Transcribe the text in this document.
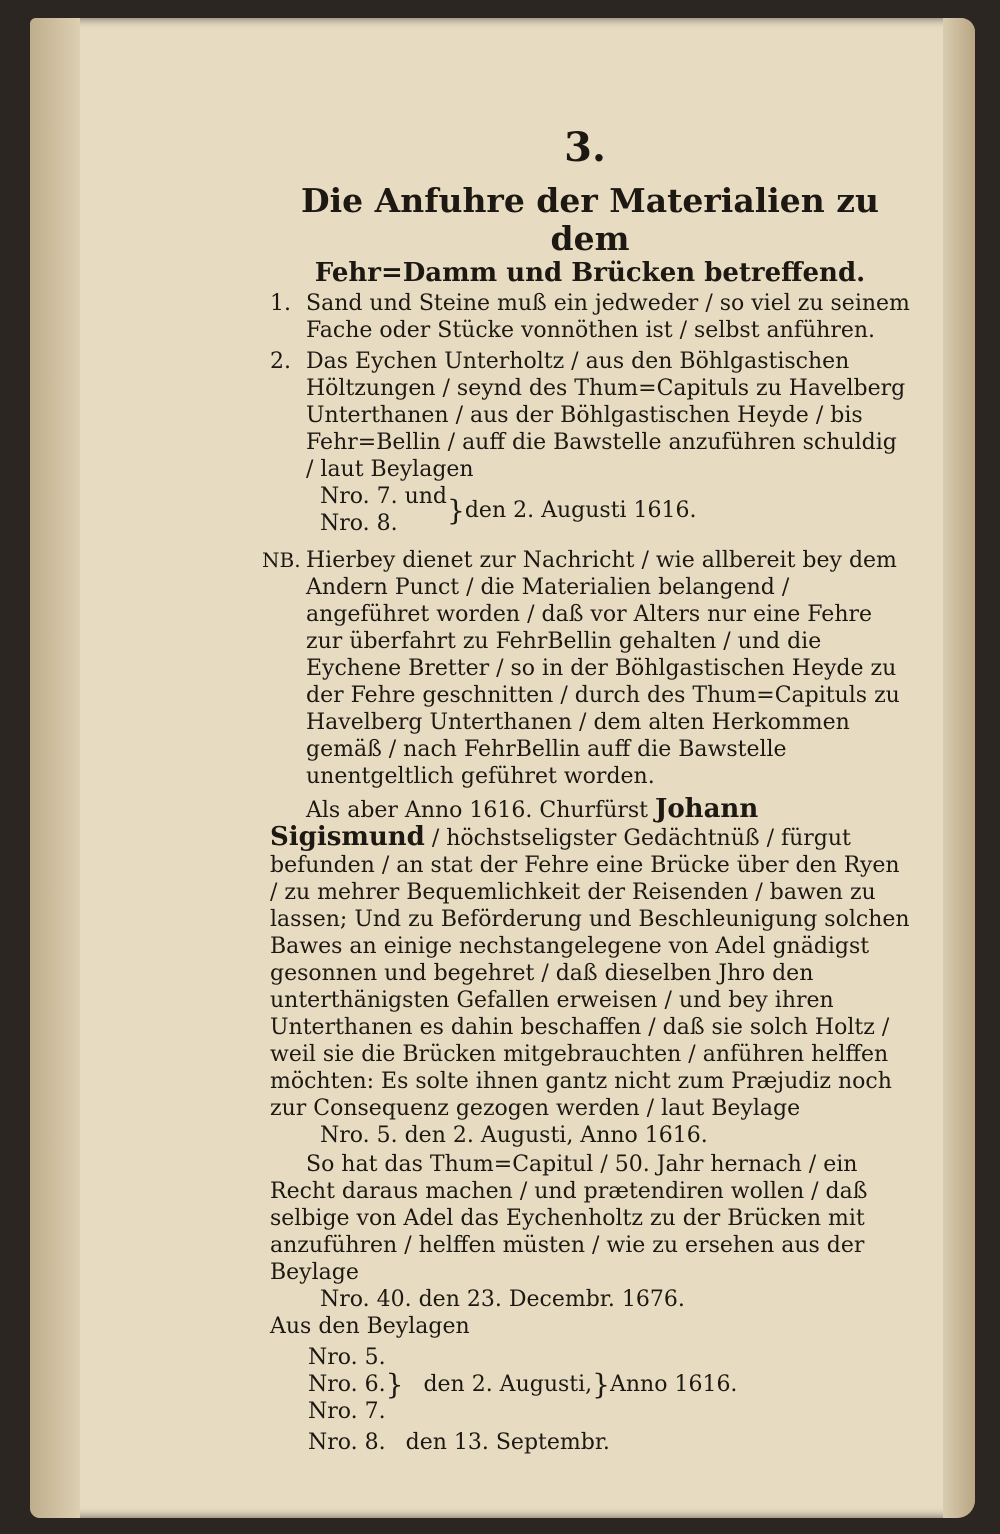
3.
Die Anfuhre der Materialien zu dem
Fehr=Damm und Brücken betreffend.
1. Sand und Steine muß ein jedweder / so viel zu seinem Fache oder Stücke vonnöthen ist / selbst anführen.

2. Das Eychen Unterholtz / aus den Böhlgastischen Höltzungen / seynd des Thum=Capituls zu Havelberg Unterthanen / aus der Böhlgastischen Heyde / bis Fehr=Bellin / auff die Bawstelle anzuführen schuldig / laut Beylagen

Nro. 7. und
Nro. 8.	} den 2. Augusti 1616.
NB. Hierbey dienet zur Nachricht / wie allbereit bey dem Andern Punct / die Materialien belangend / angeführet worden / daß vor Alters nur eine Fehre zur überfahrt zu FehrBellin gehalten / und die Eychene Bretter / so in der Böhlgastischen Heyde zu der Fehre geschnitten / durch des Thum=Capituls zu Havelberg Unterthanen / dem alten Herkommen gemäß / nach FehrBellin auff die Bawstelle unentgeltlich geführet worden.

Als aber Anno 1616. Churfürst Johann Sigismund / höchstseligster Gedächtnüß / fürgut befunden / an stat der Fehre eine Brücke über den Ryen / zu mehrer Bequemlichkeit der Reisenden / bawen zu lassen; Und zu Beförderung und Beschleunigung solchen Bawes an einige nechstangelegene von Adel gnädigst gesonnen und begehret / daß dieselben Jhro den unterthänigsten Gefallen erweisen / und bey ihren Unterthanen es dahin beschaffen / daß sie solch Holtz / weil sie die Brücken mitgebrauchten / anführen helffen möchten: Es solte ihnen gantz nicht zum Præjudiz noch zur Consequenz gezogen werden / laut Beylage
Nro. 5. den 2. Augusti, Anno 1616.
So hat das Thum=Capitul / 50. Jahr hernach / ein Recht daraus machen / und prætendiren wollen / daß selbige von Adel das Eychenholtz zu der Brücken mit anzuführen / helffen müsten / wie zu ersehen aus der Beylage
Nro. 40. den 23. Decembr. 1676.
Aus den Beylagen
Nro. 5.
Nro. 6.
Nro. 7.
} den 2. Augusti, } Anno 1616.
Nro. 8. den 13. Septembr.
